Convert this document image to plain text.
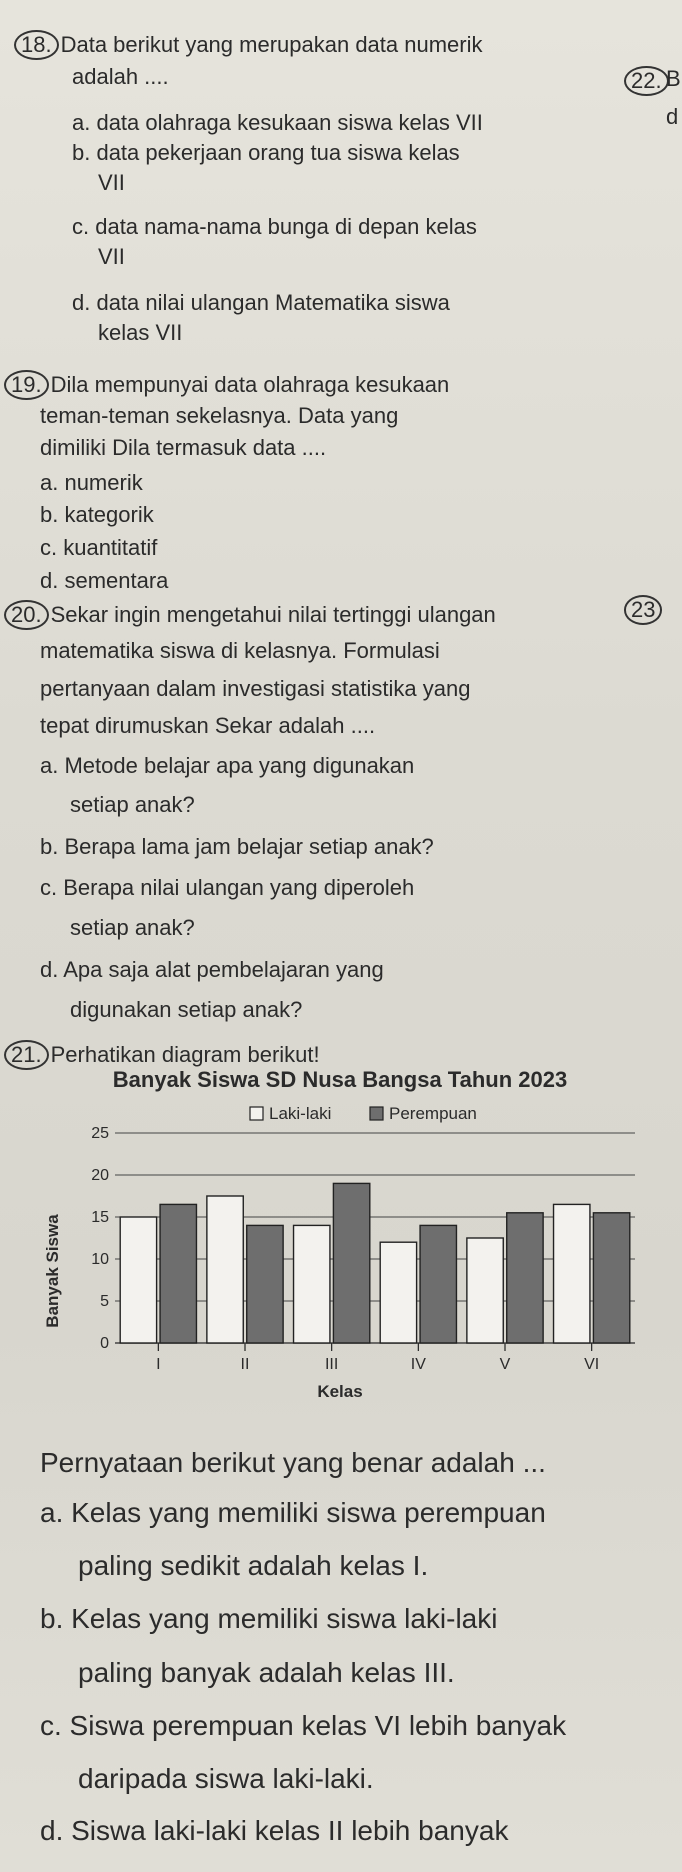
22. B
d
23
18. Data berikut yang merupakan data numerik
adalah ....
a. data olahraga kesukaan siswa kelas VII
b. data pekerjaan orang tua siswa kelas
VII
c. data nama-nama bunga di depan kelas
VII
d. data nilai ulangan Matematika siswa
kelas VII
19. Dila mempunyai data olahraga kesukaan
teman-teman sekelasnya. Data yang
dimiliki Dila termasuk data ....
a. numerik
b. kategorik
c. kuantitatif
d. sementara
20. Sekar ingin mengetahui nilai tertinggi ulangan
matematika siswa di kelasnya. Formulasi
pertanyaan dalam investigasi statistika yang
tepat dirumuskan Sekar adalah ....
a. Metode belajar apa yang digunakan
setiap anak?
b. Berapa lama jam belajar setiap anak?
c. Berapa nilai ulangan yang diperoleh
setiap anak?
d. Apa saja alat pembelajaran yang
digunakan setiap anak?
21. Perhatikan diagram berikut!
Banyak Siswa SD Nusa Bangsa Tahun 2023
Laki-laki	Perempuan
0
5
10
15
20
25
I	II	III	IV	V	VI
Kelas
Banyak Siswa
Pernyataan berikut yang benar adalah ...
a. Kelas yang memiliki siswa perempuan
paling sedikit adalah kelas I.
b. Kelas yang memiliki siswa laki-laki
paling banyak adalah kelas III.
c. Siswa perempuan kelas VI lebih banyak
daripada siswa laki-laki.
d. Siswa laki-laki kelas II lebih banyak
